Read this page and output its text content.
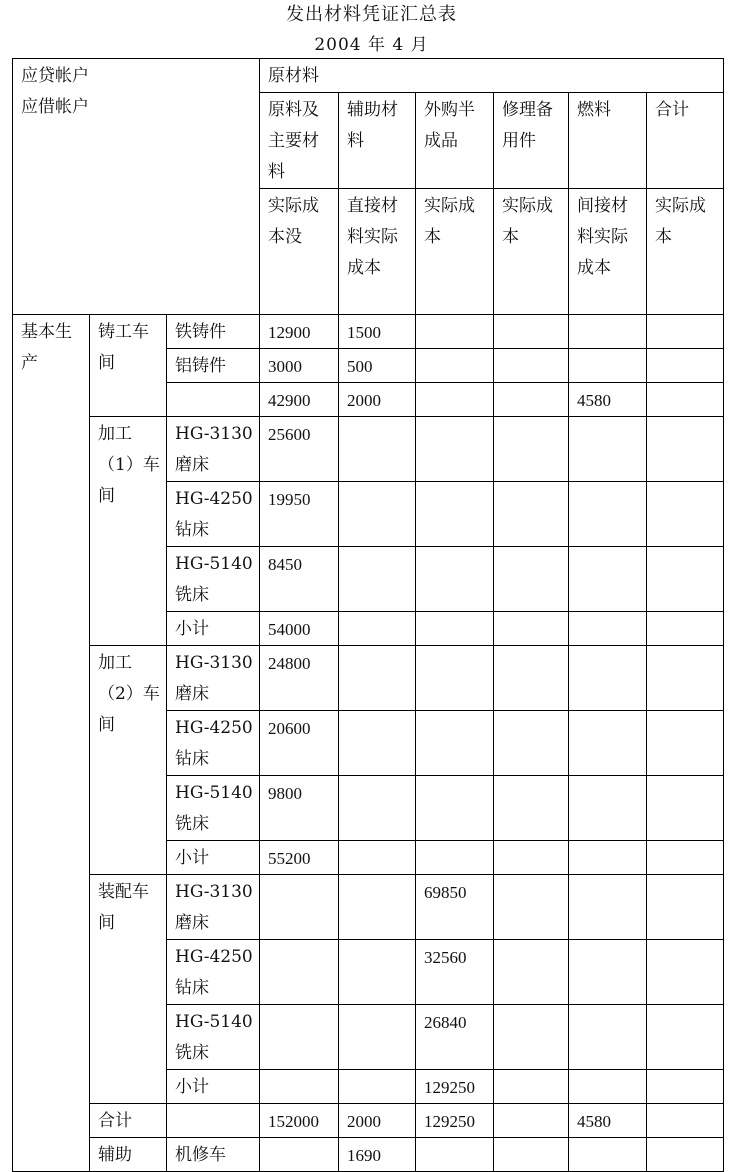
发出材料凭证汇总表
2004 年 4 月
应贷帐户
应借帐户			原材料						
			原料及主要材料	辅助材料	外购半成品	修理备用件	燃料	合计	
			实际成本没	直接材料实际成本	实际成本	实际成本	间接材料实际成本	实际成本	
基本生产	铸工车间	铁铸件	12900	1500					
		铝铸件	3000	500					
			42900	2000			4580		
	加工（1）车间	HG-3130磨床	25600						
		HG-4250钻床	19950						
		HG-5140铣床	8450						
		小计	54000						
	加工（2）车间	HG-3130磨床	24800						
		HG-4250钻床	20600						
		HG-5140铣床	9800						
		小计	55200						
	装配车间	HG-3130磨床			69850				
		HG-4250钻床			32560				
		HG-5140铣床			26840				
		小计			129250				
	合计		152000	2000	129250		4580		
	辅助	机修车		1690					
